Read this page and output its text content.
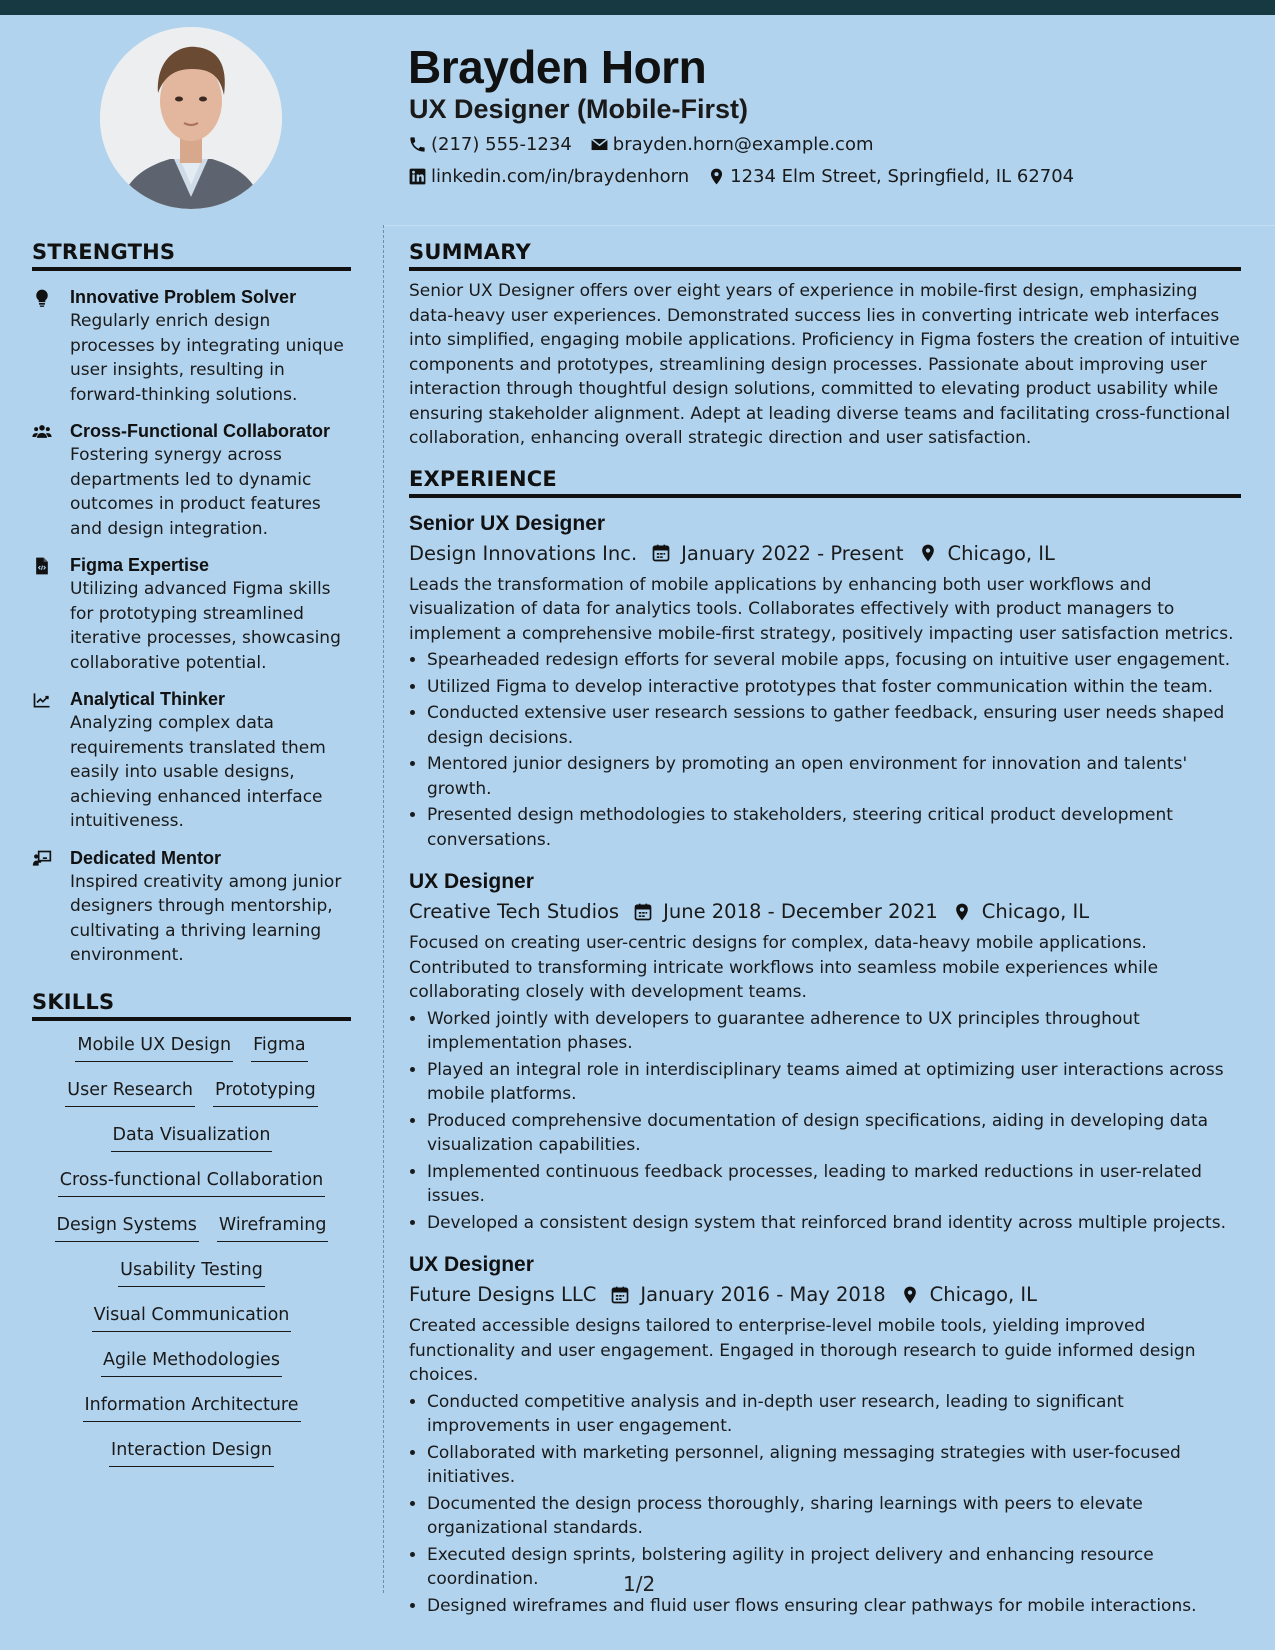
Brayden Horn
UX Designer (Mobile-First)
(217) 555-1234 brayden.horn@example.com
linkedin.com/in/braydenhorn 1234 Elm Street, Springfield, IL 62704
STRENGTHS
Innovative Problem Solver
Regularly enrich design processes by integrating unique user insights, resulting in forward-thinking solutions.
Cross-Functional Collaborator
Fostering synergy across departments led to dynamic outcomes in product features and design integration.
Figma Expertise
Utilizing advanced Figma skills for prototyping streamlined iterative processes, showcasing collaborative potential.
Analytical Thinker
Analyzing complex data requirements translated them easily into usable designs, achieving enhanced interface intuitiveness.
Dedicated Mentor
Inspired creativity among junior designers through mentorship, cultivating a thriving learning environment.
SKILLS
Mobile UX Design Figma
User Research Prototyping
Data Visualization
Cross-functional Collaboration
Design Systems Wireframing
Usability Testing
Visual Communication
Agile Methodologies
Information Architecture
Interaction Design
SUMMARY

Senior UX Designer offers over eight years of experience in mobile-first design, emphasizing data-heavy user experiences. Demonstrated success lies in converting intricate web interfaces into simplified, engaging mobile applications. Proficiency in Figma fosters the creation of intuitive components and prototypes, streamlining design processes. Passionate about improving user interaction through thoughtful design solutions, committed to elevating product usability while ensuring stakeholder alignment. Adept at leading diverse teams and facilitating cross-functional collaboration, enhancing overall strategic direction and user satisfaction.

EXPERIENCE
Senior UX Designer
Design Innovations Inc. January 2022 - Present Chicago, IL
Leads the transformation of mobile applications by enhancing both user workflows and visualization of data for analytics tools. Collaborates effectively with product managers to implement a comprehensive mobile-first strategy, positively impacting user satisfaction metrics.
• Spearheaded redesign efforts for several mobile apps, focusing on intuitive user engagement.
• Utilized Figma to develop interactive prototypes that foster communication within the team.
• Conducted extensive user research sessions to gather feedback, ensuring user needs shaped design decisions.
• Mentored junior designers by promoting an open environment for innovation and talents' growth.
• Presented design methodologies to stakeholders, steering critical product development conversations.
UX Designer
Creative Tech Studios June 2018 - December 2021 Chicago, IL
Focused on creating user-centric designs for complex, data-heavy mobile applications. Contributed to transforming intricate workflows into seamless mobile experiences while collaborating closely with development teams.
• Worked jointly with developers to guarantee adherence to UX principles throughout implementation phases.
• Played an integral role in interdisciplinary teams aimed at optimizing user interactions across mobile platforms.
• Produced comprehensive documentation of design specifications, aiding in developing data visualization capabilities.
• Implemented continuous feedback processes, leading to marked reductions in user-related issues.
• Developed a consistent design system that reinforced brand identity across multiple projects.
UX Designer
Future Designs LLC January 2016 - May 2018 Chicago, IL
Created accessible designs tailored to enterprise-level mobile tools, yielding improved functionality and user engagement. Engaged in thorough research to guide informed design choices.
• Conducted competitive analysis and in-depth user research, leading to significant improvements in user engagement.
• Collaborated with marketing personnel, aligning messaging strategies with user-focused initiatives.
• Documented the design process thoroughly, sharing learnings with peers to elevate organizational standards.
• Executed design sprints, bolstering agility in project delivery and enhancing resource coordination.
• Designed wireframes and fluid user flows ensuring clear pathways for mobile interactions.
1/2
